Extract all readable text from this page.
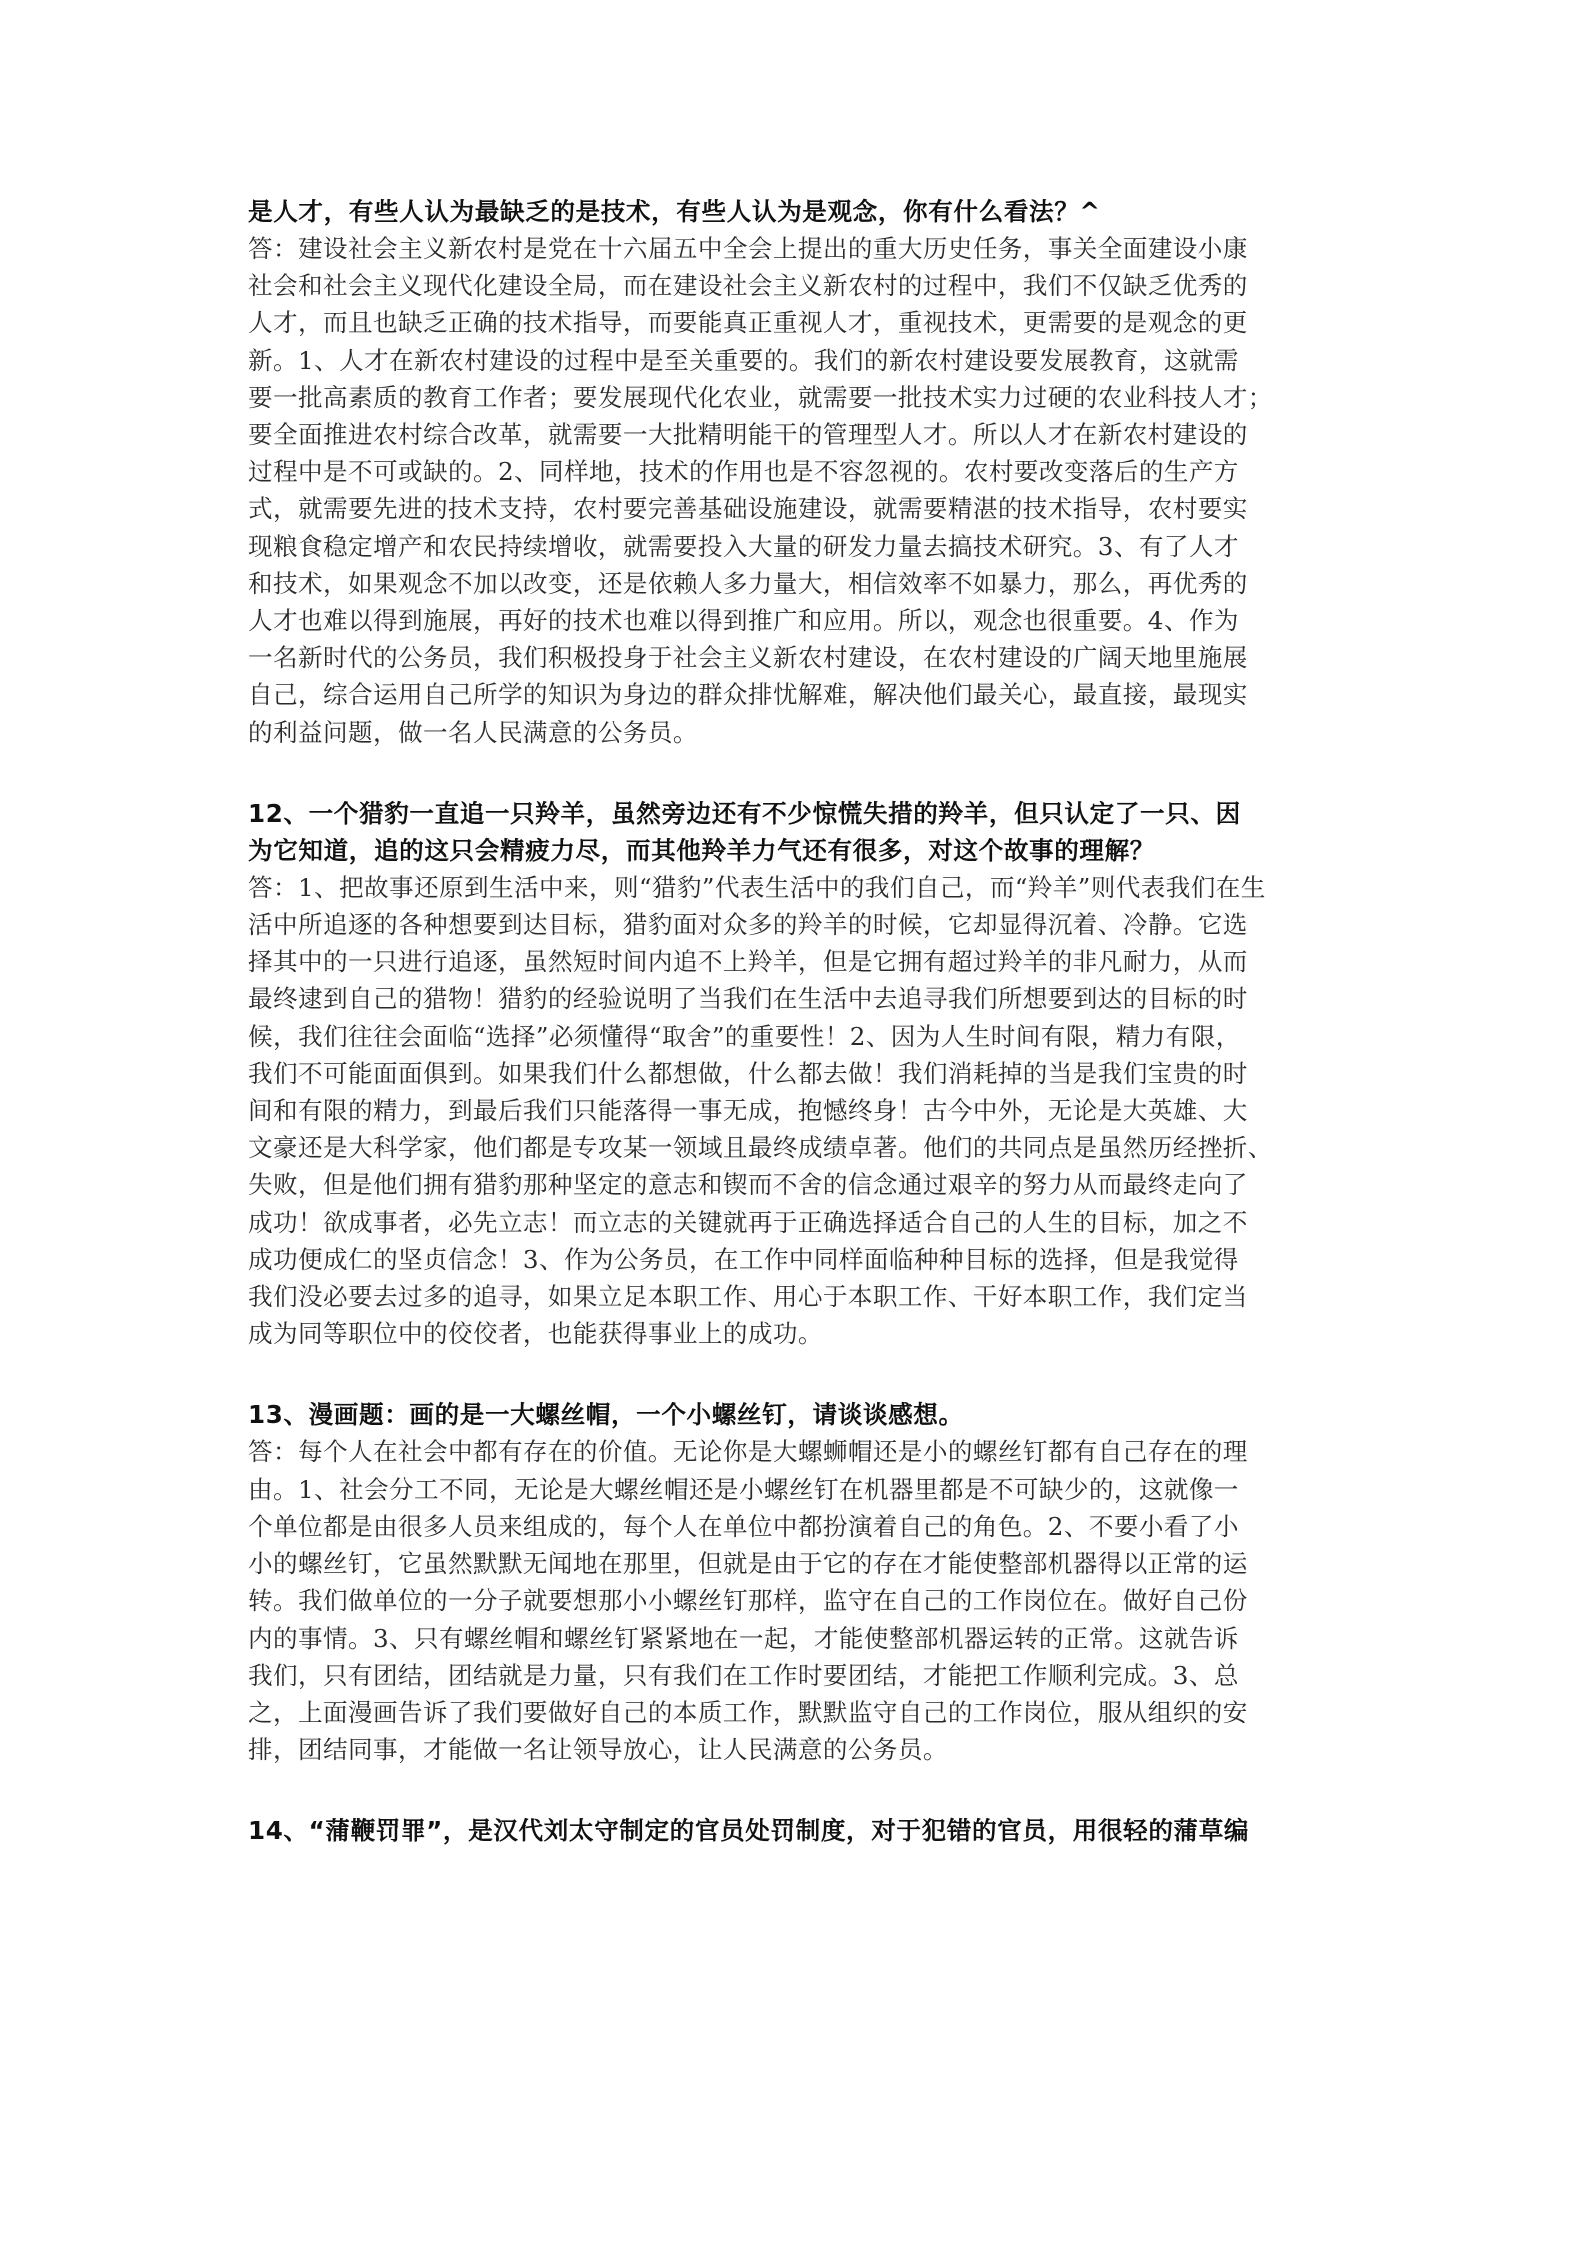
是人才，有些人认为最缺乏的是技术，有些人认为是观念，你有什么看法？^

答：建设社会主义新农村是党在十六届五中全会上提出的重大历史任务，事关全面建设小康

社会和社会主义现代化建设全局，而在建设社会主义新农村的过程中，我们不仅缺乏优秀的

人才，而且也缺乏正确的技术指导，而要能真正重视人才，重视技术，更需要的是观念的更

新。1、人才在新农村建设的过程中是至关重要的。我们的新农村建设要发展教育，这就需

要一批高素质的教育工作者；要发展现代化农业，就需要一批技术实力过硬的农业科技人才；

要全面推进农村综合改革，就需要一大批精明能干的管理型人才。所以人才在新农村建设的

过程中是不可或缺的。2、同样地，技术的作用也是不容忽视的。农村要改变落后的生产方

式，就需要先进的技术支持，农村要完善基础设施建设，就需要精湛的技术指导，农村要实

现粮食稳定增产和农民持续增收，就需要投入大量的研发力量去搞技术研究。3、有了人才

和技术，如果观念不加以改变，还是依赖人多力量大，相信效率不如暴力，那么，再优秀的

人才也难以得到施展，再好的技术也难以得到推广和应用。所以，观念也很重要。4、作为

一名新时代的公务员，我们积极投身于社会主义新农村建设，在农村建设的广阔天地里施展

自己，综合运用自己所学的知识为身边的群众排忧解难，解决他们最关心，最直接，最现实

的利益问题，做一名人民满意的公务员。

12、一个猎豹一直追一只羚羊，虽然旁边还有不少惊慌失措的羚羊，但只认定了一只、因

为它知道，追的这只会精疲力尽，而其他羚羊力气还有很多，对这个故事的理解？

答：1、把故事还原到生活中来，则“猎豹”代表生活中的我们自己，而“羚羊”则代表我们在生

活中所追逐的各种想要到达目标，猎豹面对众多的羚羊的时候，它却显得沉着、冷静。它选

择其中的一只进行追逐，虽然短时间内追不上羚羊，但是它拥有超过羚羊的非凡耐力，从而

最终逮到自己的猎物！猎豹的经验说明了当我们在生活中去追寻我们所想要到达的目标的时

候，我们往往会面临“选择”必须懂得“取舍”的重要性！2、因为人生时间有限，精力有限，

我们不可能面面俱到。如果我们什么都想做，什么都去做！我们消耗掉的当是我们宝贵的时

间和有限的精力，到最后我们只能落得一事无成，抱憾终身！古今中外，无论是大英雄、大

文豪还是大科学家，他们都是专攻某一领域且最终成绩卓著。他们的共同点是虽然历经挫折、

失败，但是他们拥有猎豹那种坚定的意志和锲而不舍的信念通过艰辛的努力从而最终走向了

成功！欲成事者，必先立志！而立志的关键就再于正确选择适合自己的人生的目标，加之不

成功便成仁的坚贞信念！3、作为公务员，在工作中同样面临种种目标的选择，但是我觉得

我们没必要去过多的追寻，如果立足本职工作、用心于本职工作、干好本职工作，我们定当

成为同等职位中的佼佼者，也能获得事业上的成功。

13、漫画题：画的是一大螺丝帽，一个小螺丝钉，请谈谈感想。

答：每个人在社会中都有存在的价值。无论你是大螺蛳帽还是小的螺丝钉都有自己存在的理

由。1、社会分工不同，无论是大螺丝帽还是小螺丝钉在机器里都是不可缺少的，这就像一

个单位都是由很多人员来组成的，每个人在单位中都扮演着自己的角色。2、不要小看了小

小的螺丝钉，它虽然默默无闻地在那里，但就是由于它的存在才能使整部机器得以正常的运

转。我们做单位的一分子就要想那小小螺丝钉那样，监守在自己的工作岗位在。做好自己份

内的事情。3、只有螺丝帽和螺丝钉紧紧地在一起，才能使整部机器运转的正常。这就告诉

我们，只有团结，团结就是力量，只有我们在工作时要团结，才能把工作顺利完成。3、总

之，上面漫画告诉了我们要做好自己的本质工作，默默监守自己的工作岗位，服从组织的安

排，团结同事，才能做一名让领导放心，让人民满意的公务员。

14、“蒲鞭罚罪”，是汉代刘太守制定的官员处罚制度，对于犯错的官员，用很轻的蒲草编
